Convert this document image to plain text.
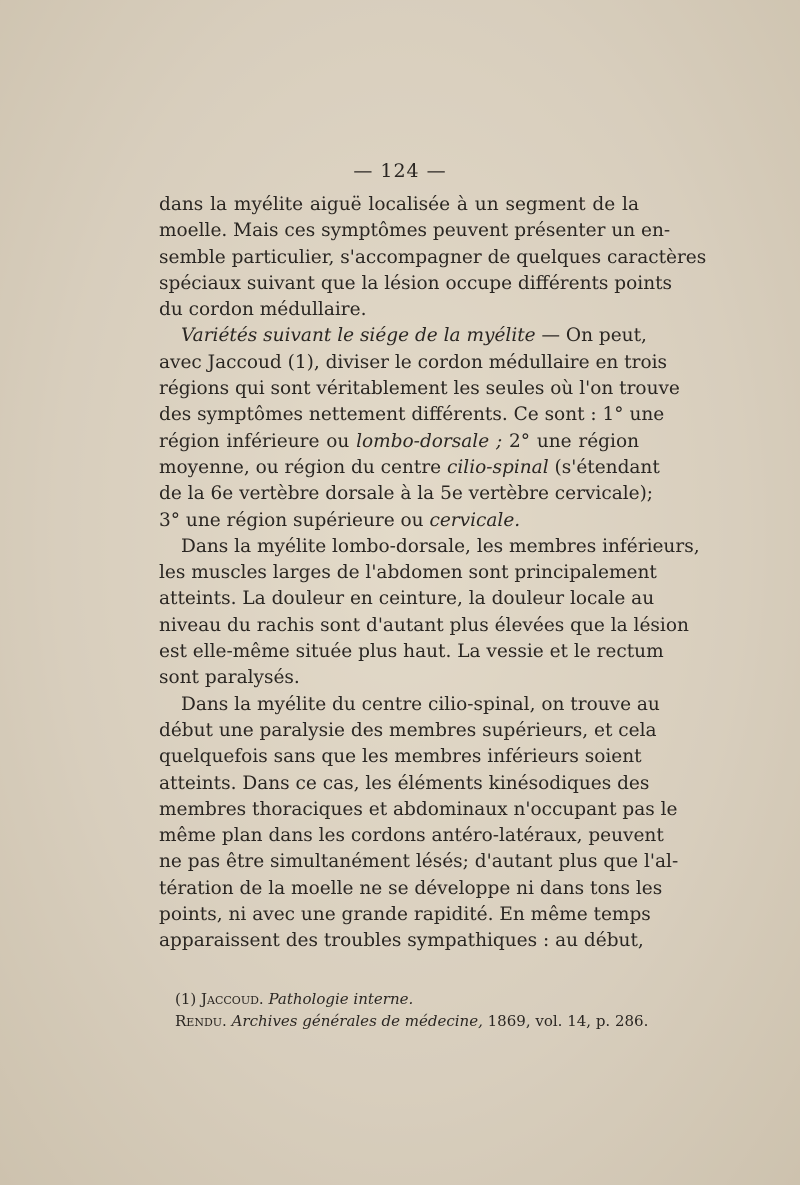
— 124 —
dans la myélite aiguë localisée à un segment de la
moelle. Mais ces symptômes peuvent présenter un en-
semble particulier, s'accompagner de quelques caractères
spéciaux suivant que la lésion occupe différents points
du cordon médullaire.
Variétés suivant le siége de la myélite — On peut,
avec Jaccoud (1), diviser le cordon médullaire en trois
régions qui sont véritablement les seules où l'on trouve
des symptômes nettement différents. Ce sont : 1° une
région inférieure ou lombo-dorsale ; 2° une région
moyenne, ou région du centre cilio-spinal (s'étendant
de la 6e vertèbre dorsale à la 5e vertèbre cervicale);
3° une région supérieure ou cervicale.
Dans la myélite lombo-dorsale, les membres inférieurs,
les muscles larges de l'abdomen sont principalement
atteints. La douleur en ceinture, la douleur locale au
niveau du rachis sont d'autant plus élevées que la lésion
est elle-même située plus haut. La vessie et le rectum
sont paralysés.
Dans la myélite du centre cilio-spinal, on trouve au
début une paralysie des membres supérieurs, et cela
quelquefois sans que les membres inférieurs soient
atteints. Dans ce cas, les éléments kinésodiques des
membres thoraciques et abdominaux n'occupant pas le
même plan dans les cordons antéro-latéraux, peuvent
ne pas être simultanément lésés; d'autant plus que l'al-
tération de la moelle ne se développe ni dans tons les
points, ni avec une grande rapidité. En même temps
apparaissent des troubles sympathiques : au début,
(1) Jaccoud. Pathologie interne.
Rendu. Archives générales de médecine, 1869, vol. 14, p. 286.
